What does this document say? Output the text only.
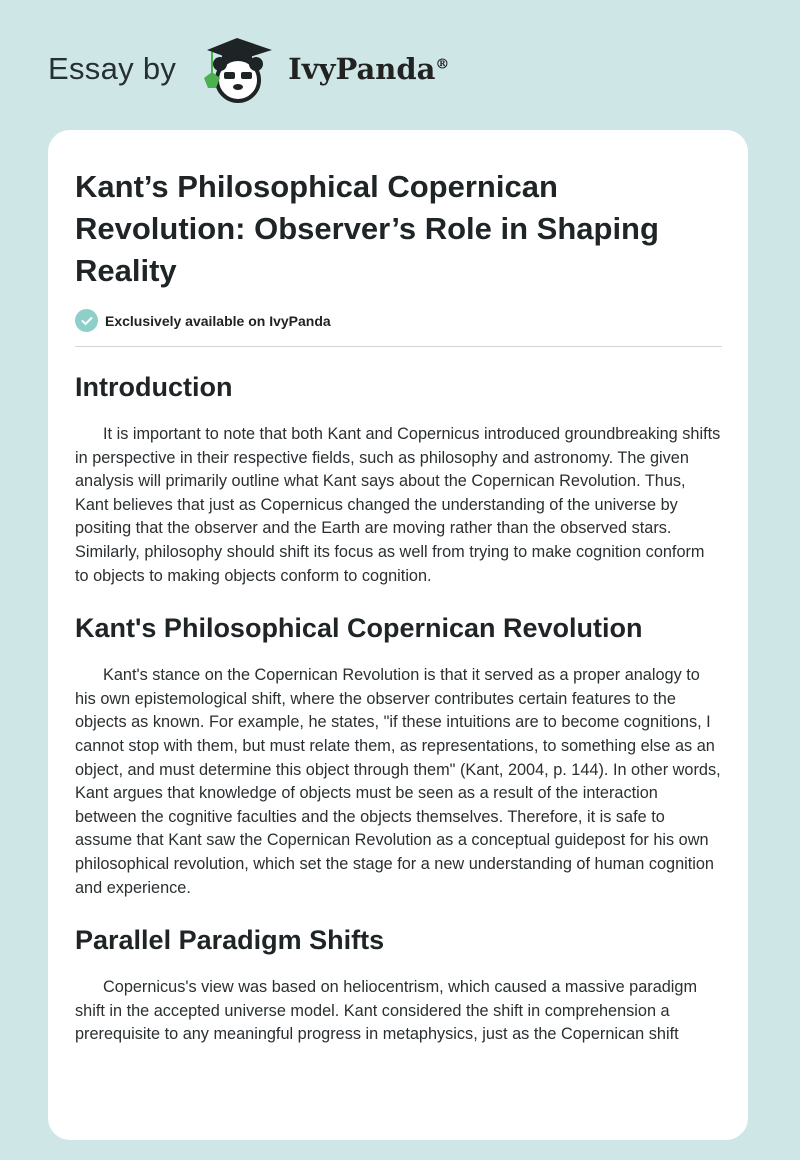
Essay by	IvyPanda®
Kant’s Philosophical Copernican Revolution: Observer’s Role in Shaping Reality
Exclusively available on IvyPanda
Introduction

It is important to note that both Kant and Copernicus introduced groundbreaking shifts in perspective in their respective fields, such as philosophy and astronomy. The given analysis will primarily outline what Kant says about the Copernican Revolution. Thus, Kant believes that just as Copernicus changed the understanding of the universe by positing that the observer and the Earth are moving rather than the observed stars. Similarly, philosophy should shift its focus as well from trying to make cognition conform to objects to making objects conform to cognition.

Kant's Philosophical Copernican Revolution

Kant's stance on the Copernican Revolution is that it served as a proper analogy to his own epistemological shift, where the observer contributes certain features to the objects as known. For example, he states, "if these intuitions are to become cognitions, I cannot stop with them, but must relate them, as representations, to something else as an object, and must determine this object through them" (Kant, 2004, p. 144). In other words, Kant argues that knowledge of objects must be seen as a result of the interaction between the cognitive faculties and the objects themselves. Therefore, it is safe to assume that Kant saw the Copernican Revolution as a conceptual guidepost for his own philosophical revolution, which set the stage for a new understanding of human cognition and experience.

Parallel Paradigm Shifts

Copernicus's view was based on heliocentrism, which caused a massive paradigm shift in the accepted universe model. Kant considered the shift in comprehension a prerequisite to any meaningful progress in metaphysics, just as the Copernican shift
